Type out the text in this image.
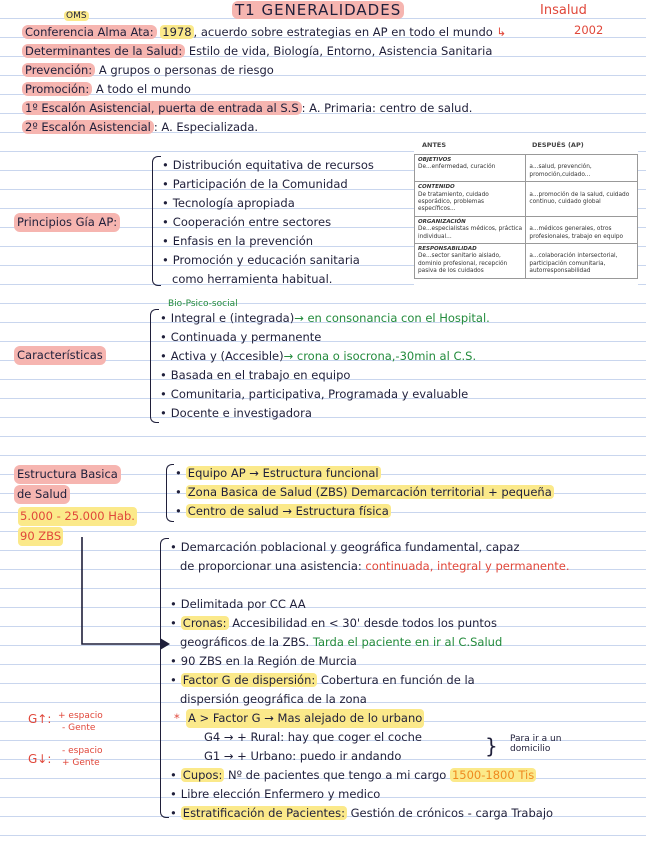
T1 GENERALIDADES	Insalud
2002
OMS
Conferencia Alma Ata: 1978 , acuerdo sobre estrategias en AP en todo el mundo ↳
Determinantes de la Salud: Estilo de vida, Biología, Entorno, Asistencia Sanitaria
Prevención: A grupos o personas de riesgo
Promoción: A todo el mundo
1º Escalón Asistencial, puerta de entrada al S.S : A. Primaria: centro de salud.
2º Escalón Asistencial : A. Especializada.
Principios Gía AP:
• Distribución equitativa de recursos
• Participación de la Comunidad
• Tecnología apropiada
• Cooperación entre sectores
• Enfasis en la prevención
• Promoción y educación sanitaria
como herramienta habitual.
ANTES	DESPUÉS (AP)
OBJETIVOS
De...enfermedad, curación	a...salud, prevención, promoción,cuidado...

CONTENIDO
De tratamiento, cuidado esporádico, problemas específicos...	a...promoción de la salud, cuidado continuo, cuidado global

ORGANIZACIÓN
De...especialistas médicos, práctica individual...	a...médicos generales, otros profesionales, trabajo en equipo

RESPONSABILIDAD
De...sector sanitario aislado, dominio profesional, recepción pasiva de los cuidados	a...colaboración intersectorial, participación comunitaria, autorresponsabilidad
Bio-Psico-social
Características
• Integral e (integrada)→ en consonancia con el Hospital.
• Continuada y permanente
• Activa y (Accesible)→ crona o isocrona,-30min al C.S.
• Basada en el trabajo en equipo
• Comunitaria, participativa, Programada y evaluable
• Docente e investigadora
Estructura Basica
de Salud
5.000 - 25.000 Hab.
90 ZBS
• Equipo AP → Estructura funcional
• Zona Basica de Salud (ZBS) Demarcación territorial + pequeña
• Centro de salud → Estructura física
• Demarcación poblacional y geográfica fundamental, capaz
de proporcionar una asistencia: continuada, integral y permanente.
• Delimitada por CC AA
• Cronas: Accesibilidad en < 30' desde todos los puntos
geográficos de la ZBS. Tarda el paciente en ir al C.Salud
• 90 ZBS en la Región de Murcia
• Factor G de dispersión: Cobertura en función de la
dispersión geográfica de la zona
* A > Factor G → Mas alejado de lo urbano
G4 → + Rural: hay que coger el coche
G1 → + Urbano: puedo ir andando	} Para ir a un domicilio
• Cupos: Nº de pacientes que tengo a mi cargo 1500-1800 Tis
• Libre elección Enfermero y medico
• Estratificación de Pacientes: Gestión de crónicos - carga Trabajo
G↑: + espacio
- Gente
G↓:
- espacio
+ Gente
